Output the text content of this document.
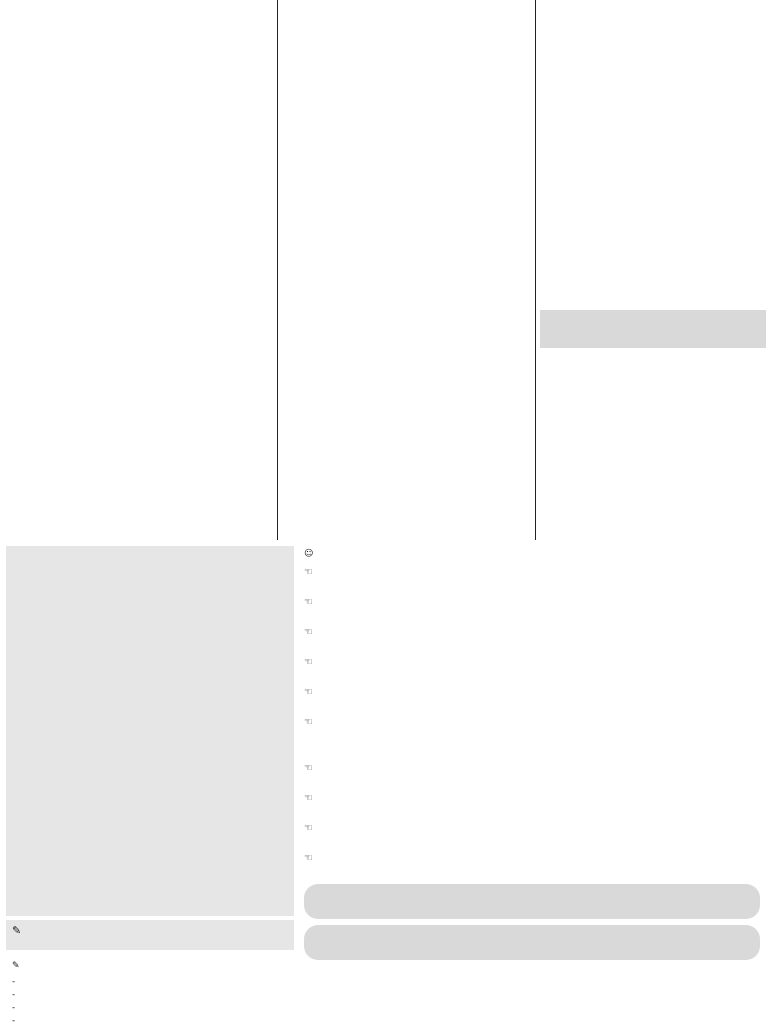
✎
✎
-
-
-
-
☺
☜
☜
☜
☜
☜
☜
☜
☜
☜
☜
